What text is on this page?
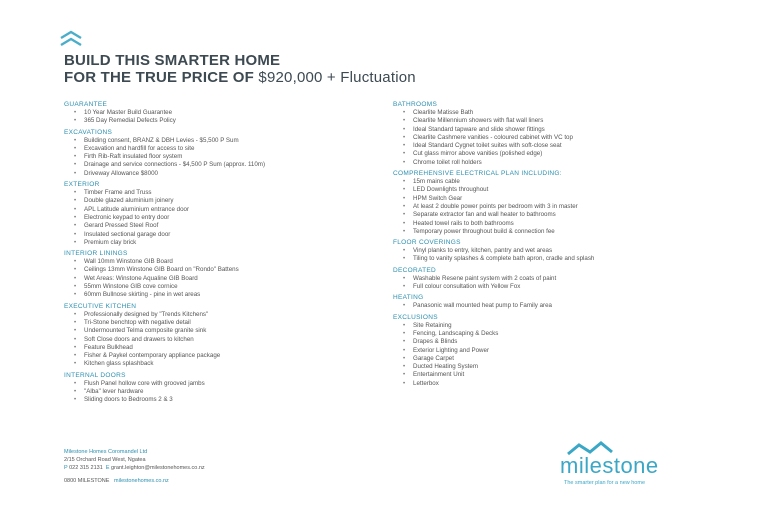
BUILD THIS SMARTER HOME
FOR THE TRUE PRICE OF $920,000 + Fluctuation
GUARANTEE
• 10 Year Master Build Guarantee
• 365 Day Remedial Defects Policy
EXCAVATIONS
• Building consent, BRANZ & DBH Levies - $5,500 P Sum
• Excavation and hardfill for access to site
• Firth Rib-Raft insulated floor system
• Drainage and service connections - $4,500 P Sum (approx. 110m)
• Driveway Allowance $8000
EXTERIOR
• Timber Frame and Truss
• Double glazed aluminium joinery
• APL Latitude aluminium entrance door
• Electronic keypad to entry door
• Gerard Pressed Steel Roof
• Insulated sectional garage door
• Premium clay brick
INTERIOR LININGS
• Wall 10mm Winstone GIB Board
• Ceilings 13mm Winstone GIB Board on "Rondo" Battens
• Wet Areas: Winstone Aqualine GIB Board
• 55mm Winstone GIB cove cornice
• 60mm Bullnose skirting - pine in wet areas
EXECUTIVE KITCHEN
• Professionally designed by "Trends Kitchens"
• Tri-Stone benchtop with negative detail
• Undermounted Telma composite granite sink
• Soft Close doors and drawers to kitchen
• Feature Bulkhead
• Fisher & Paykel contemporary appliance package
• Kitchen glass splashback
INTERNAL DOORS
• Flush Panel hollow core with grooved jambs
• "Alba" lever hardware
• Sliding doors to Bedrooms 2 & 3
BATHROOMS
• Clearlite Matisse Bath
• Clearlite Millennium showers with flat wall liners
• Ideal Standard tapware and slide shower fittings
• Clearlite Cashmere vanities - coloured cabinet with VC top
• Ideal Standard Cygnet toilet suites with soft-close seat
• Cut glass mirror above vanities (polished edge)
• Chrome toilet roll holders
COMPREHENSIVE ELECTRICAL PLAN INCLUDING:
• 15m mains cable
• LED Downlights throughout
• HPM Switch Gear
• At least 2 double power points per bedroom with 3 in master
• Separate extractor fan and wall heater to bathrooms
• Heated towel rails to both bathrooms
• Temporary power throughout build & connection fee
FLOOR COVERINGS
• Vinyl planks to entry, kitchen, pantry and wet areas
• Tiling to vanity splashes & complete bath apron, cradle and splash
DECORATED
• Washable Resene paint system with 2 coats of paint
• Full colour consultation with Yellow Fox
HEATING
• Panasonic wall mounted heat pump to Family area
EXCLUSIONS
• Site Retaining
• Fencing, Landscaping & Decks
• Drapes & Blinds
• Exterior Lighting and Power
• Garage Carpet
• Ducted Heating System
• Entertainment Unit
• Letterbox
Milestone Homes Coromandel Ltd
2/15 Orchard Road West, Ngatea
P 022 315 2131 E grant.leighton@milestonehomes.co.nz
0800 MILESTONE milestonehomes.co.nz
milestone
The smarter plan for a new home
